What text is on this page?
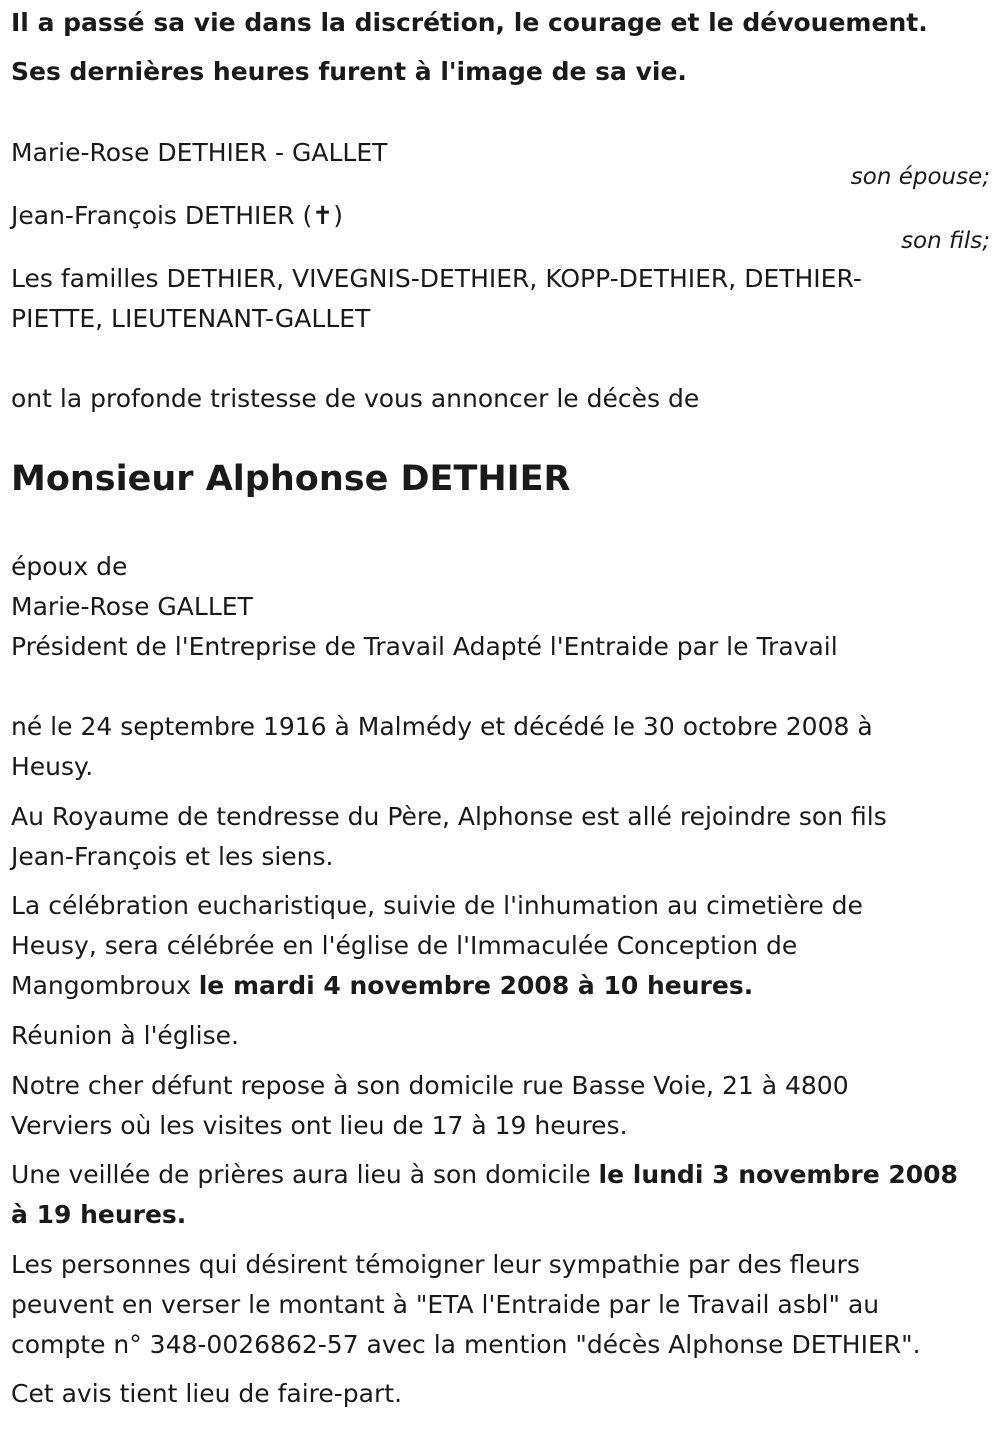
Il a passé sa vie dans la discrétion, le courage et le dévouement.

Ses dernières heures furent à l'image de sa vie.

Marie-Rose DETHIER - GALLET

son épouse;

Jean-François DETHIER (✝)

son fils;

Les familles DETHIER, VIVEGNIS-DETHIER, KOPP-DETHIER, DETHIER-

PIETTE, LIEUTENANT-GALLET

ont la profonde tristesse de vous annoncer le décès de

Monsieur Alphonse DETHIER

époux de

Marie-Rose GALLET

Président de l'Entreprise de Travail Adapté l'Entraide par le Travail

né le 24 septembre 1916 à Malmédy et décédé le 30 octobre 2008 à

Heusy.

Au Royaume de tendresse du Père, Alphonse est allé rejoindre son fils

Jean-François et les siens.

La célébration eucharistique, suivie de l'inhumation au cimetière de

Heusy, sera célébrée en l'église de l'Immaculée Conception de

Mangombroux le mardi 4 novembre 2008 à 10 heures.

Réunion à l'église.

Notre cher défunt repose à son domicile rue Basse Voie, 21 à 4800

Verviers où les visites ont lieu de 17 à 19 heures.

Une veillée de prières aura lieu à son domicile le lundi 3 novembre 2008

à 19 heures.

Les personnes qui désirent témoigner leur sympathie par des fleurs

peuvent en verser le montant à "ETA l'Entraide par le Travail asbl" au

compte n° 348-0026862-57 avec la mention "décès Alphonse DETHIER".

Cet avis tient lieu de faire-part.
